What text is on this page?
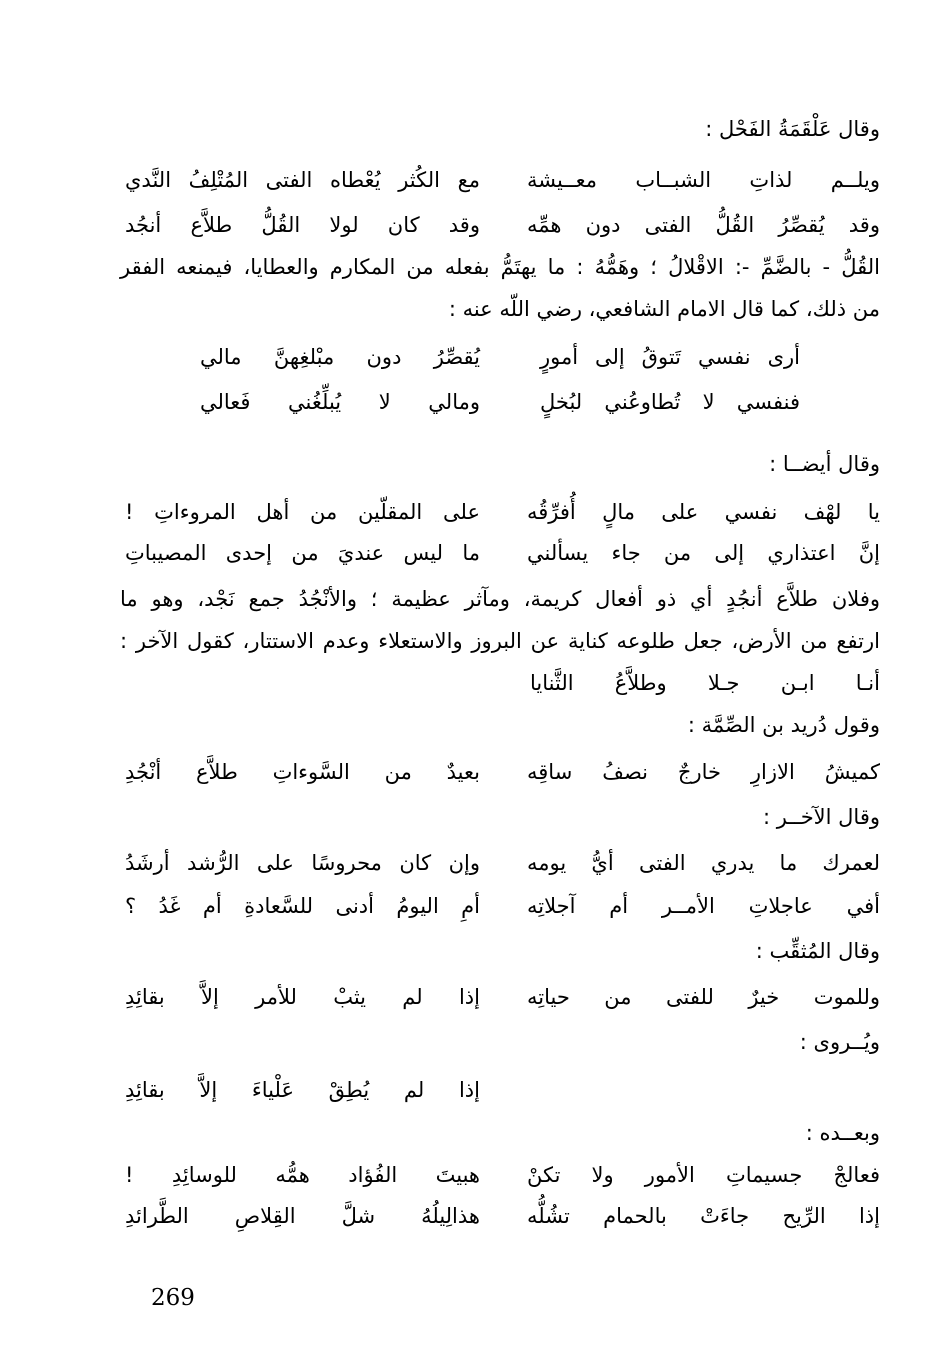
وقال عَلْقَمَةُ الفَحْل :
ويلــم لذاتِ الشبــاب معــيشة
مع الكُثر يُعْطاه الفتى المُتْلِفُ النَّدي
وقد يُقصِّرُ القُلُّ الفتى دون همِّه
وقد كان لولا القُلُّ طلاَّع أنجُد
القُلُّ - بالضَّمِّ -: الاقْلالُ ؛ وهَمُّهُ : ما يهتَمُّ بفعله من المكارم والعطايا، فيمنعه الفقر
من ذلك، كما قال الامام الشافعي، رضي اللّه عنه :
أرى نفسي تَتوقُ إلى أمورٍ
يُقصِّرُ دون مبْلغِهنَّ مالي
فنفسي لا تُطاوعُني لبُخلٍ
ومالي لا يُبلِّغُني فَعالي
وقال أيضــا :
يا لهْف نفسي على مالٍ أُفرِّقُه
على المقلّين من أهل المروءاتِ !
إنَّ اعتذاري إلى من جاء يسألني
ما ليس عنديَ من إحدى المصيباتِ
وفلان طلاَّع أنجُدٍ أي ذو أفعال كريمة، ومآثر عظيمة ؛ والأنْجُدُ جمع نَجْد، وهو ما
ارتفع من الأرض، جعل طلوعه كناية عن البروز والاستعلاء وعدم الاستتار، كقول الآخر :
أنـا ابـن جـلا وطلاَّعُ الثَّنايا
وقول دُريد بن الصِّمَّة :
كميشُ الازارِ خارجٌ نصفُ ساقِه
بعيدٌ من السَّوءاتِ طلاَّع أنْجُدِ
وقال الآخــر :
لعمرك ما يدري الفتى أيُّ يومه
وإن كان محروسًا على الرُّشد أرشَدُ
أفي عاجلاتِ الأمــر أم آجلاتِه
أمِ اليومُ أدنى للسَّعادةِ أم غَدُ ؟
وقال المُثقِّب :
وللموت خيرٌ للفتى من حياتِه
إذا لم يثبْ للأمر إلاَّ بقائِدِ
ويُــروى :
إذا لم يُطِقْ عَلْياءَ إلاَّ بقائِدِ
وبعــده :
فعالجْ جسيماتِ الأمور ولا تكنْ
هبيتَ الفُؤاد همُّه للوسائِدِ !
إذا الرِّيح جاءَتْ بالحمام تشُلُّه
هذالِيلُهُ شلَّ القِلاصِ الطَّرائدِ
269
